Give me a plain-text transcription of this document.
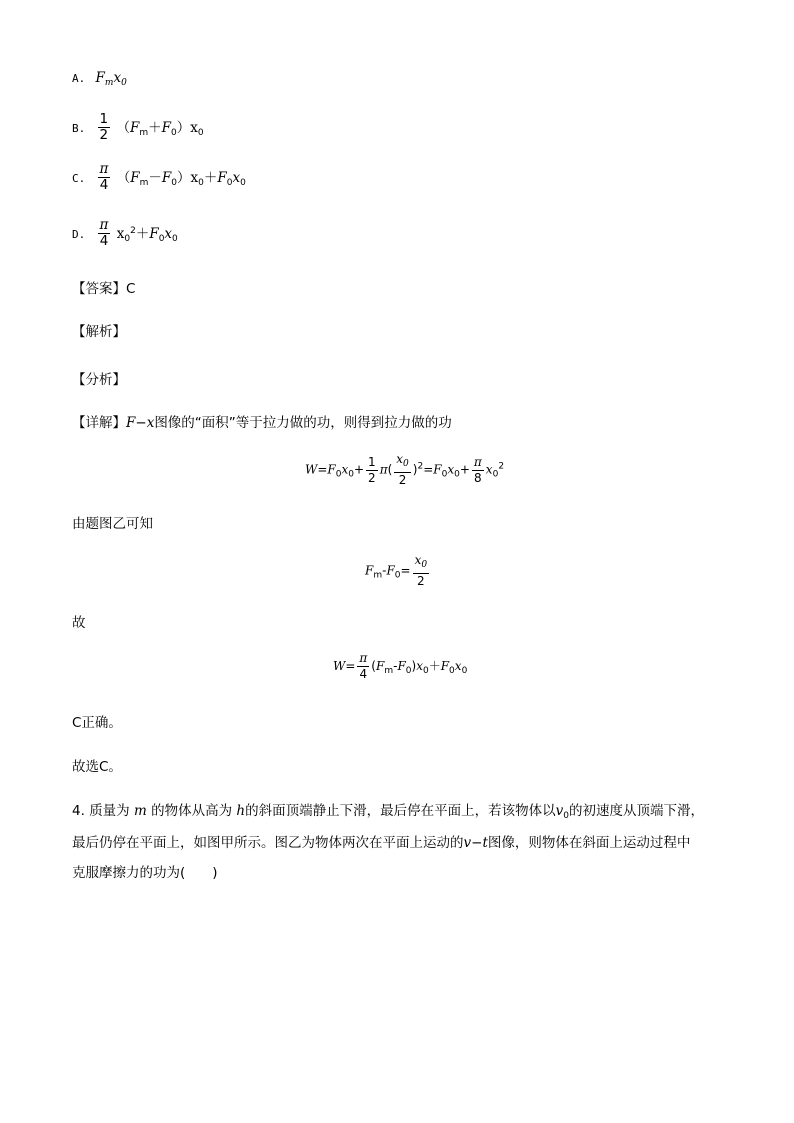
A. $F_mx_0$
B. $\frac{1}{2} (F_m+F_0)x_0$
C. $\frac{\pi}{4} (F_m-F_0)x_0+F_0x_0$
D. $\frac{\pi}{4} x_0^2+F_0x_0$
【答案】C
【解析】
【分析】
【详解】F−x图像的“面积”等于拉力做的功，则得到拉力做的功
$W=F_0x_0+ \frac{1}{2} \pi( \frac{x_0}{2} )^2=F_0x_0+ \frac{\pi}{8} x_0^2$
由题图乙可知
$F_m-F_0= \frac{x_0}{2}$
故
$W= \frac{\pi}{4} (F_m-F_0)x_0+F_0x_0$
C正确。
故选C。
4. 质量为 m 的物体从高为 h的斜面顶端静止下滑，最后停在平面上，若该物体以$v_0$的初速度从顶端下滑，
最后仍停在平面上，如图甲所示。图乙为物体两次在平面上运动的v−t图像，则物体在斜面上运动过程中
克服摩擦力的功为(　　)
